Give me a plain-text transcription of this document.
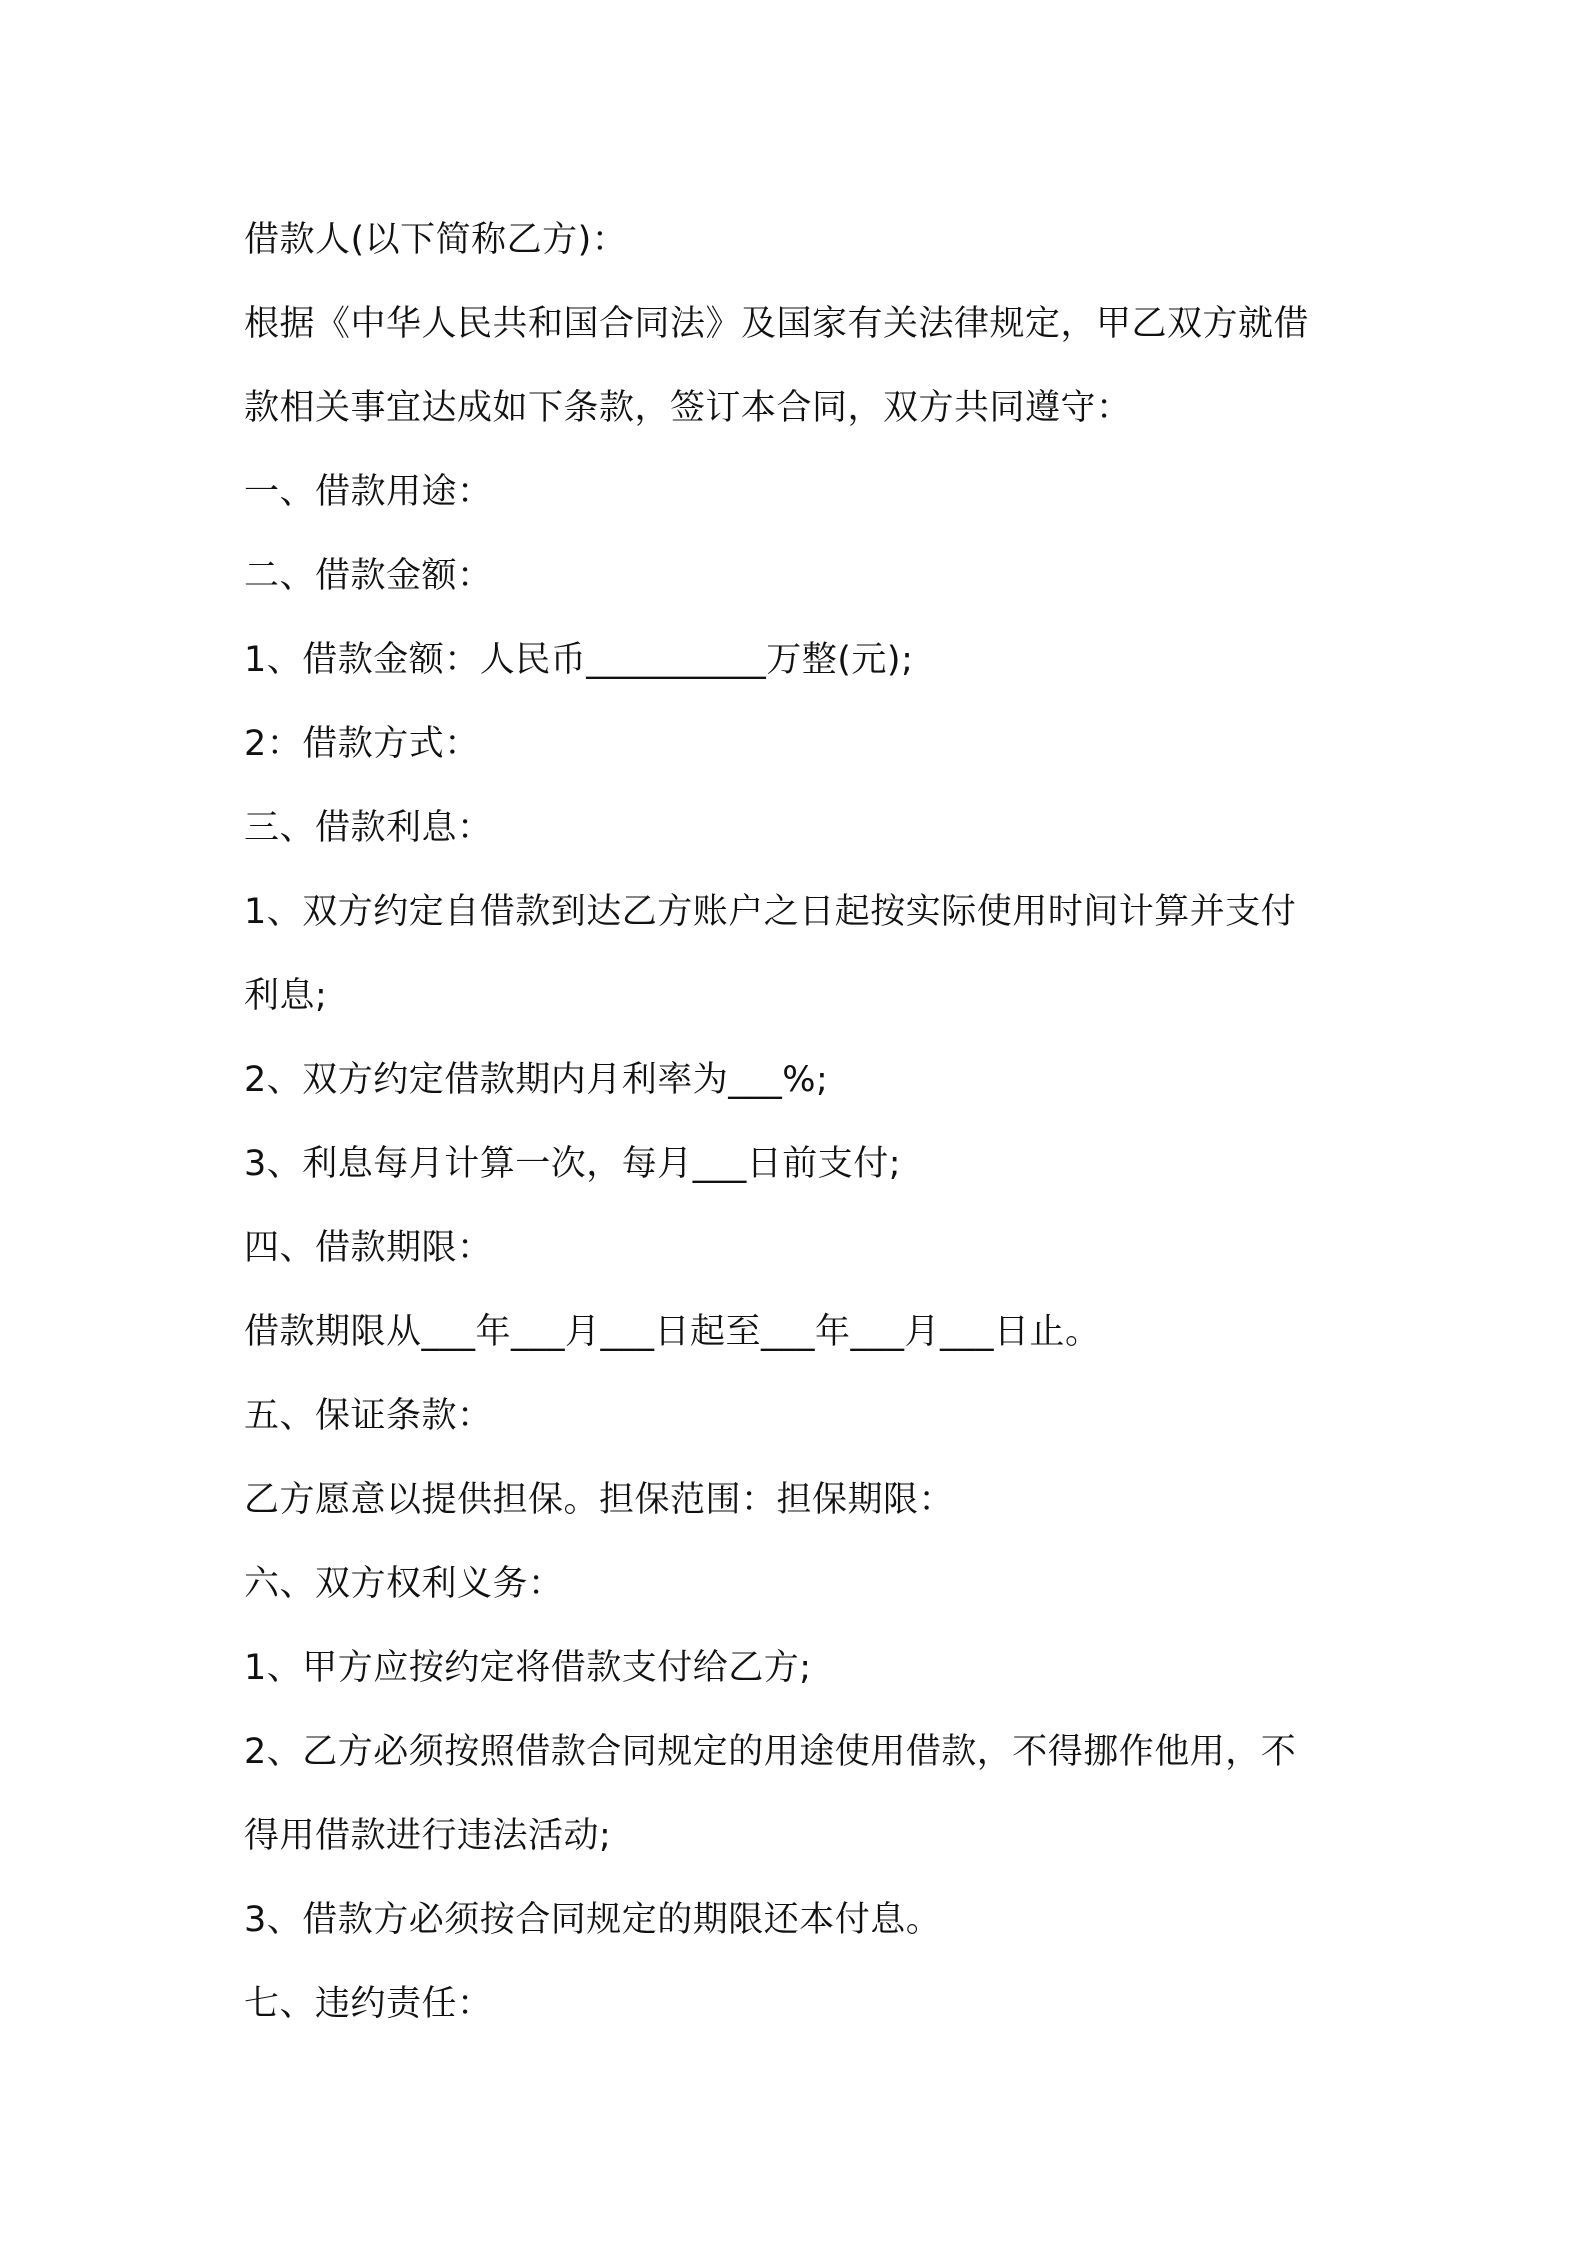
借款人(以下简称乙方)：
根据《中华人民共和国合同法》及国家有关法律规定，甲乙双方就借
款相关事宜达成如下条款，签订本合同，双方共同遵守：
一、借款用途：
二、借款金额：
1、借款金额：人民币__________万整(元);
2：借款方式：
三、借款利息：
1、双方约定自借款到达乙方账户之日起按实际使用时间计算并支付
利息;
2、双方约定借款期内月利率为___%;
3、利息每月计算一次，每月___日前支付;
四、借款期限：
借款期限从___年___月___日起至___年___月___日止。
五、保证条款：
乙方愿意以提供担保。担保范围：担保期限：
六、双方权利义务：
1、甲方应按约定将借款支付给乙方;
2、乙方必须按照借款合同规定的用途使用借款，不得挪作他用，不
得用借款进行违法活动;
3、借款方必须按合同规定的期限还本付息。
七、违约责任：
